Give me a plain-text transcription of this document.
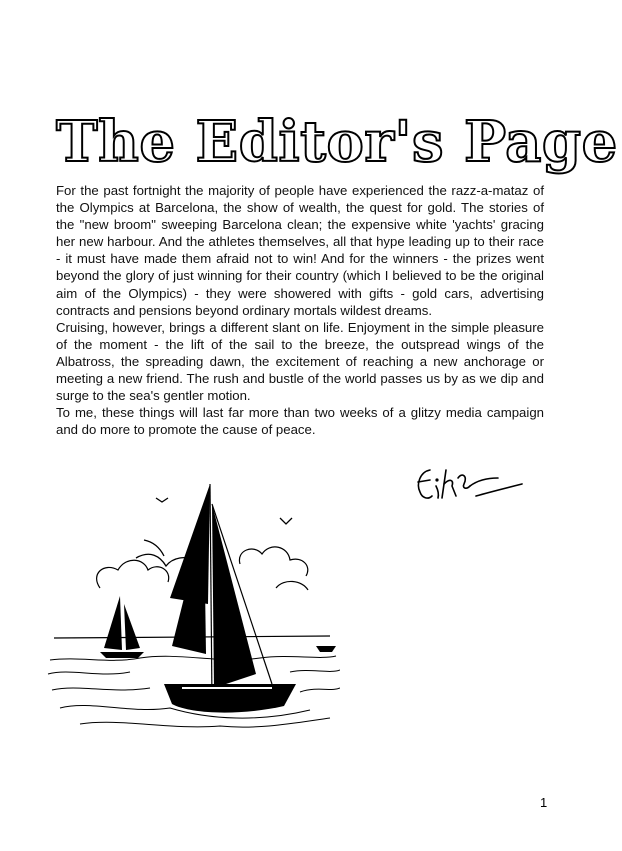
The Editor's Page

For the past fortnight the majority of people have experienced the razz-a-mataz of the Olympics at Barcelona, the show of wealth, the quest for gold. The stories of the "new broom" sweeping Barcelona clean; the expensive white 'yachts' gracing her new harbour. And the athletes themselves, all that hype leading up to their race - it must have made them afraid not to win! And for the winners - the prizes went beyond the glory of just winning for their country (which I believed to be the original aim of the Olympics) - they were showered with gifts - gold cars, advertising contracts and pensions beyond ordinary mortals wildest dreams.

Cruising, however, brings a different slant on life. Enjoyment in the simple pleasure of the moment - the lift of the sail to the breeze, the outspread wings of the Albatross, the spreading dawn, the excitement of reaching a new anchorage or meeting a new friend. The rush and bustle of the world passes us by as we dip and surge to the sea's gentler motion.

To me, these things will last far more than two weeks of a glitzy media campaign and do more to promote the cause of peace.

1
